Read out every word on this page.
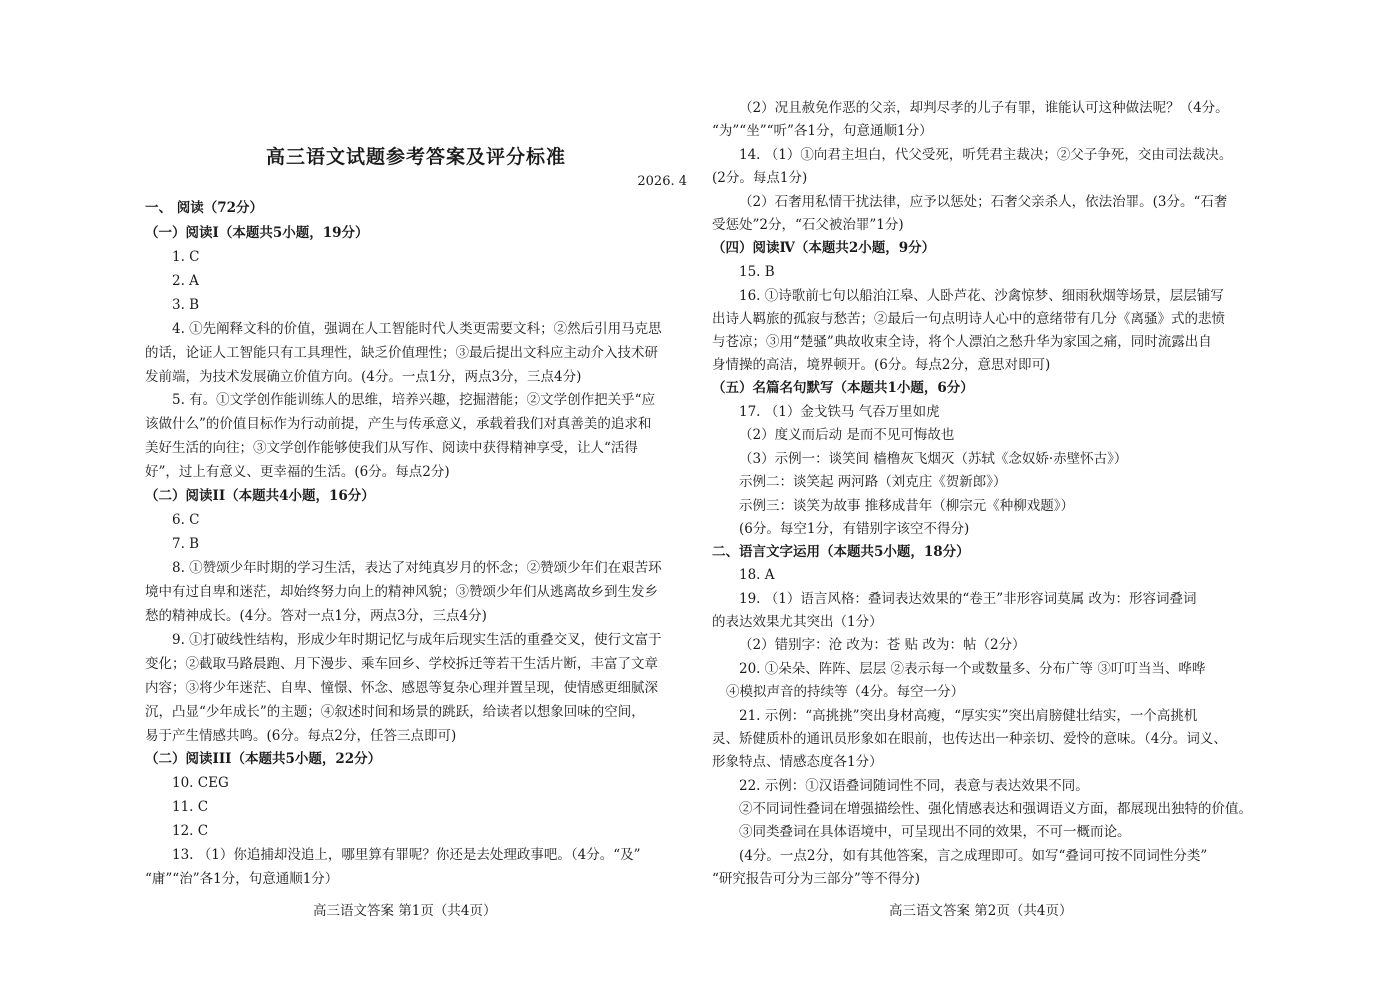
高三语文试题参考答案及评分标准
2026. 4
一、 阅读（72分）
（一）阅读I（本题共5小题，19分）
1. C
2. A
3. B
4. ①先阐释文科的价值，强调在人工智能时代人类更需要文科；②然后引用马克思
的话，论证人工智能只有工具理性，缺乏价值理性；③最后提出文科应主动介入技术研
发前端，为技术发展确立价值方向。(4分。一点1分，两点3分，三点4分)
5. 有。①文学创作能训练人的思维，培养兴趣，挖掘潜能；②文学创作把关乎“应
该做什么”的价值目标作为行动前提，产生与传承意义，承载着我们对真善美的追求和
美好生活的向往；③文学创作能够使我们从写作、阅读中获得精神享受，让人“活得
好”，过上有意义、更幸福的生活。(6分。每点2分)
（二）阅读II（本题共4小题，16分）
6. C
7. B
8. ①赞颂少年时期的学习生活，表达了对纯真岁月的怀念；②赞颂少年们在艰苦环
境中有过自卑和迷茫，却始终努力向上的精神风貌；③赞颂少年们从逃离故乡到生发乡
愁的精神成长。(4分。答对一点1分，两点3分，三点4分)
9. ①打破线性结构，形成少年时期记忆与成年后现实生活的重叠交叉，使行文富于
变化；②截取马路晨跑、月下漫步、乘车回乡、学校拆迁等若干生活片断，丰富了文章
内容；③将少年迷茫、自卑、憧憬、怀念、感恩等复杂心理并置呈现，使情感更细腻深
沉，凸显“少年成长”的主题；④叙述时间和场景的跳跃，给读者以想象回味的空间，
易于产生情感共鸣。(6分。每点2分，任答三点即可)
（二）阅读III（本题共5小题，22分）
10. CEG
11. C
12. C
13. （1）你追捕却没追上，哪里算有罪呢？你还是去处理政事吧。（4分。“及”
“庸”“治”各1分，句意通顺1分）
高三语文答案 第1页（共4页）
（2）况且赦免作恶的父亲，却判尽孝的儿子有罪，谁能认可这种做法呢？（4分。
“为”“坐”“听”各1分，句意通顺1分）
14. （1）①向君主坦白，代父受死，听凭君主裁决；②父子争死，交由司法裁决。
(2分。每点1分)
（2）石奢用私情干扰法律，应予以惩处；石奢父亲杀人，依法治罪。(3分。“石奢
受惩处”2分，“石父被治罪”1分)
（四）阅读Ⅳ（本题共2小题，9分）
15. B
16. ①诗歌前七句以船泊江皋、人卧芦花、沙禽惊梦、细雨秋烟等场景，层层铺写
出诗人羁旅的孤寂与愁苦；②最后一句点明诗人心中的意绪带有几分《离骚》式的悲愤
与苍凉；③用“楚骚”典故收束全诗，将个人漂泊之愁升华为家国之痛，同时流露出自
身情操的高洁，境界顿开。(6分。每点2分，意思对即可)
（五）名篇名句默写（本题共1小题，6分）
17. （1）金戈铁马 气吞万里如虎
（2）度义而后动 是而不见可悔故也
（3）示例一：谈笑间 樯橹灰飞烟灭（苏轼《念奴娇·赤壁怀古》）
示例二：谈笑起 两河路（刘克庄《贺新郎》）
示例三：谈笑为故事 推移成昔年（柳宗元《种柳戏题》）
(6分。每空1分，有错别字该空不得分)
二、语言文字运用（本题共5小题，18分）
18. A
19. （1）语言风格：叠词表达效果的“卷王”非形容词莫属 改为：形容词叠词
的表达效果尤其突出（1分）
（2）错别字：沧 改为：苍 贴 改为：帖（2分）
20. ①朵朵、阵阵、层层 ②表示每一个或数量多、分布广等 ③叮叮当当、哗哗
④模拟声音的持续等（4分。每空一分）
21. 示例：“高挑挑”突出身材高瘦，“厚实实”突出肩膀健壮结实，一个高挑机
灵、矫健质朴的通讯员形象如在眼前，也传达出一种亲切、爱怜的意味。（4分。词义、
形象特点、情感态度各1分）
22. 示例：①汉语叠词随词性不同，表意与表达效果不同。
②不同词性叠词在增强描绘性、强化情感表达和强调语义方面，都展现出独特的价值。
③同类叠词在具体语境中，可呈现出不同的效果，不可一概而论。
(4分。一点2分，如有其他答案，言之成理即可。如写“叠词可按不同词性分类”
“研究报告可分为三部分”等不得分)
高三语文答案 第2页（共4页）
